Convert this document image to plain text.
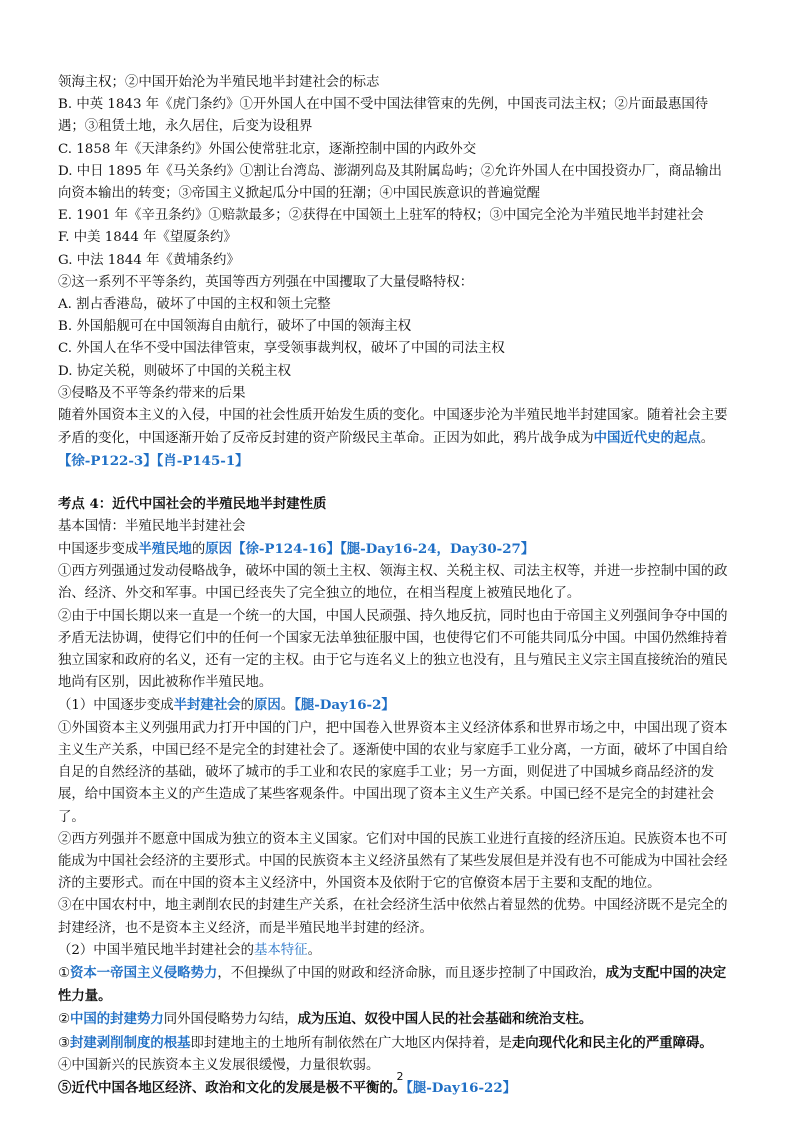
领海主权；②中国开始沦为半殖民地半封建社会的标志
B. 中英 1843 年《虎门条约》①开外国人在中国不受中国法律管束的先例，中国丧司法主权；②片面最惠国待遇；③租赁土地，永久居住，后变为设租界
C. 1858 年《天津条约》外国公使常驻北京，逐渐控制中国的内政外交
D. 中日 1895 年《马关条约》①割让台湾岛、澎湖列岛及其附属岛屿；②允许外国人在中国投资办厂，商品输出向资本输出的转变；③帝国主义掀起瓜分中国的狂潮；④中国民族意识的普遍觉醒
E. 1901 年《辛丑条约》①赔款最多；②获得在中国领土上驻军的特权；③中国完全沦为半殖民地半封建社会
F. 中美 1844 年《望厦条约》
G. 中法 1844 年《黄埔条约》
②这一系列不平等条约，英国等西方列强在中国攫取了大量侵略特权：
A. 割占香港岛，破坏了中国的主权和领土完整
B. 外国船舰可在中国领海自由航行，破坏了中国的领海主权
C. 外国人在华不受中国法律管束，享受领事裁判权，破坏了中国的司法主权
D. 协定关税，则破坏了中国的关税主权
③侵略及不平等条约带来的后果
随着外国资本主义的入侵，中国的社会性质开始发生质的变化。中国逐步沦为半殖民地半封建国家。随着社会主要矛盾的变化，中国逐渐开始了反帝反封建的资产阶级民主革命。正因为如此，鸦片战争成为中国近代史的起点。【徐-P122-3】【肖-P145-1】
考点 4：近代中国社会的半殖民地半封建性质
基本国情：半殖民地半封建社会
中国逐步变成半殖民地的原因【徐-P124-16】【腿-Day16-24，Day30-27】
①西方列强通过发动侵略战争，破坏中国的领土主权、领海主权、关税主权、司法主权等，并进一步控制中国的政治、经济、外交和军事。中国已经丧失了完全独立的地位，在相当程度上被殖民地化了。
②由于中国长期以来一直是一个统一的大国，中国人民顽强、持久地反抗，同时也由于帝国主义列强间争夺中国的矛盾无法协调，使得它们中的任何一个国家无法单独征服中国，也使得它们不可能共同瓜分中国。中国仍然维持着独立国家和政府的名义，还有一定的主权。由于它与连名义上的独立也没有，且与殖民主义宗主国直接统治的殖民地尚有区别，因此被称作半殖民地。
（1）中国逐步变成半封建社会的原因。【腿-Day16-2】
①外国资本主义列强用武力打开中国的门户，把中国卷入世界资本主义经济体系和世界市场之中，中国出现了资本主义生产关系，中国已经不是完全的封建社会了。逐渐使中国的农业与家庭手工业分离，一方面，破坏了中国自给自足的自然经济的基础，破坏了城市的手工业和农民的家庭手工业；另一方面，则促进了中国城乡商品经济的发展，给中国资本主义的产生造成了某些客观条件。中国出现了资本主义生产关系。中国已经不是完全的封建社会了。
②西方列强并不愿意中国成为独立的资本主义国家。它们对中国的民族工业进行直接的经济压迫。民族资本也不可能成为中国社会经济的主要形式。中国的民族资本主义经济虽然有了某些发展但是并没有也不可能成为中国社会经济的主要形式。而在中国的资本主义经济中，外国资本及依附于它的官僚资本居于主要和支配的地位。
③在中国农村中，地主剥削农民的封建生产关系，在社会经济生活中依然占着显然的优势。中国经济既不是完全的封建经济，也不是资本主义经济，而是半殖民地半封建的经济。
（2）中国半殖民地半封建社会的基本特征。
①资本一帝国主义侵略势力，不但操纵了中国的财政和经济命脉，而且逐步控制了中国政治，成为支配中国的决定性力量。
②中国的封建势力同外国侵略势力勾结，成为压迫、奴役中国人民的社会基础和统治支柱。
③封建剥削制度的根基即封建地主的土地所有制依然在广大地区内保持着，是走向现代化和民主化的严重障碍。
④中国新兴的民族资本主义发展很缓慢，力量很软弱。
⑤近代中国各地区经济、政治和文化的发展是极不平衡的。【腿-Day16-22】
2
